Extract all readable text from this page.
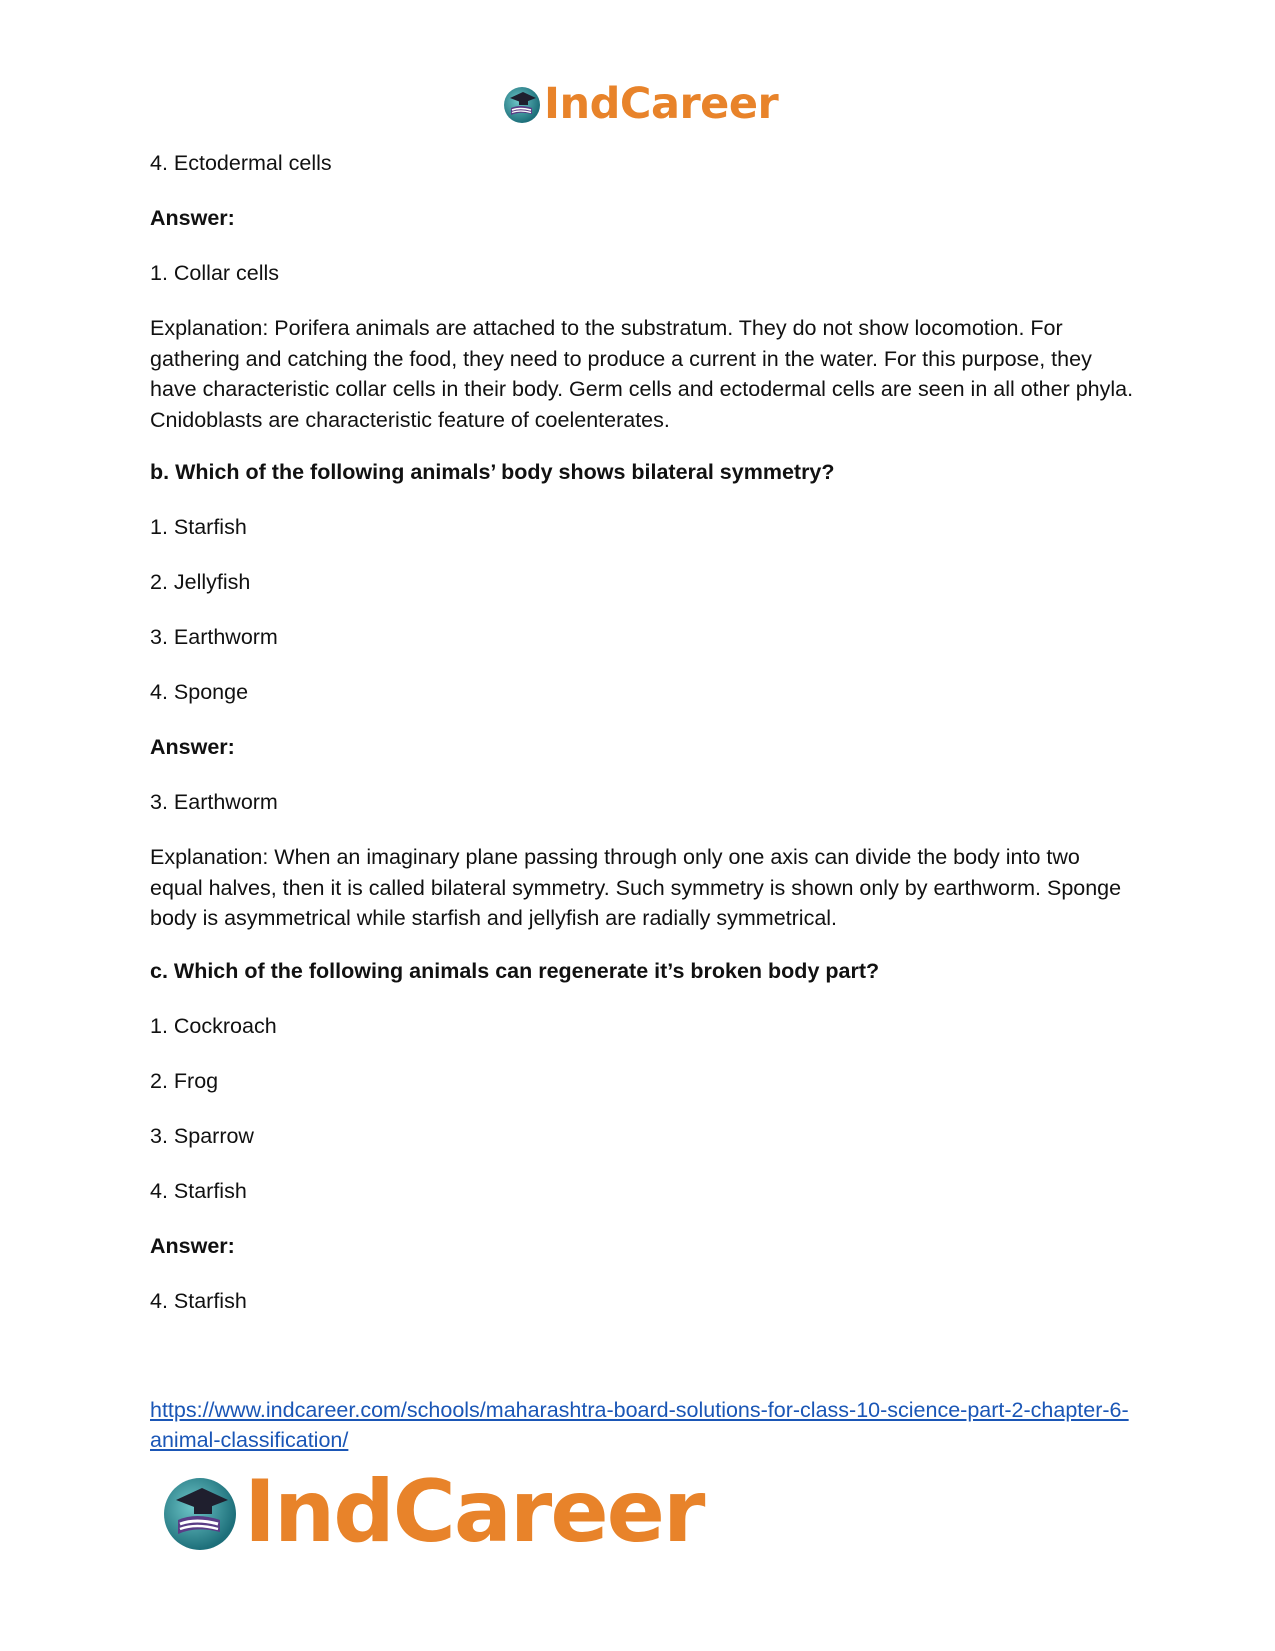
IndCareer

4. Ectodermal cells

Answer:

1. Collar cells

Explanation: Porifera animals are attached to the substratum. They do not show locomotion. For gathering and catching the food, they need to produce a current in the water. For this purpose, they have characteristic collar cells in their body. Germ cells and ectodermal cells are seen in all other phyla. Cnidoblasts are characteristic feature of coelenterates.

b. Which of the following animals’ body shows bilateral symmetry?

1. Starfish

2. Jellyfish

3. Earthworm

4. Sponge

Answer:

3. Earthworm

Explanation: When an imaginary plane passing through only one axis can divide the body into two equal halves, then it is called bilateral symmetry. Such symmetry is shown only by earthworm. Sponge body is asymmetrical while starfish and jellyfish are radially symmetrical.

c. Which of the following animals can regenerate it’s broken body part?

1. Cockroach

2. Frog

3. Sparrow

4. Starfish

Answer:

4. Starfish

https://www.indcareer.com/schools/maharashtra-board-solutions-for-class-10-science-part-2-chapter-6-animal-classification/
IndCareer
